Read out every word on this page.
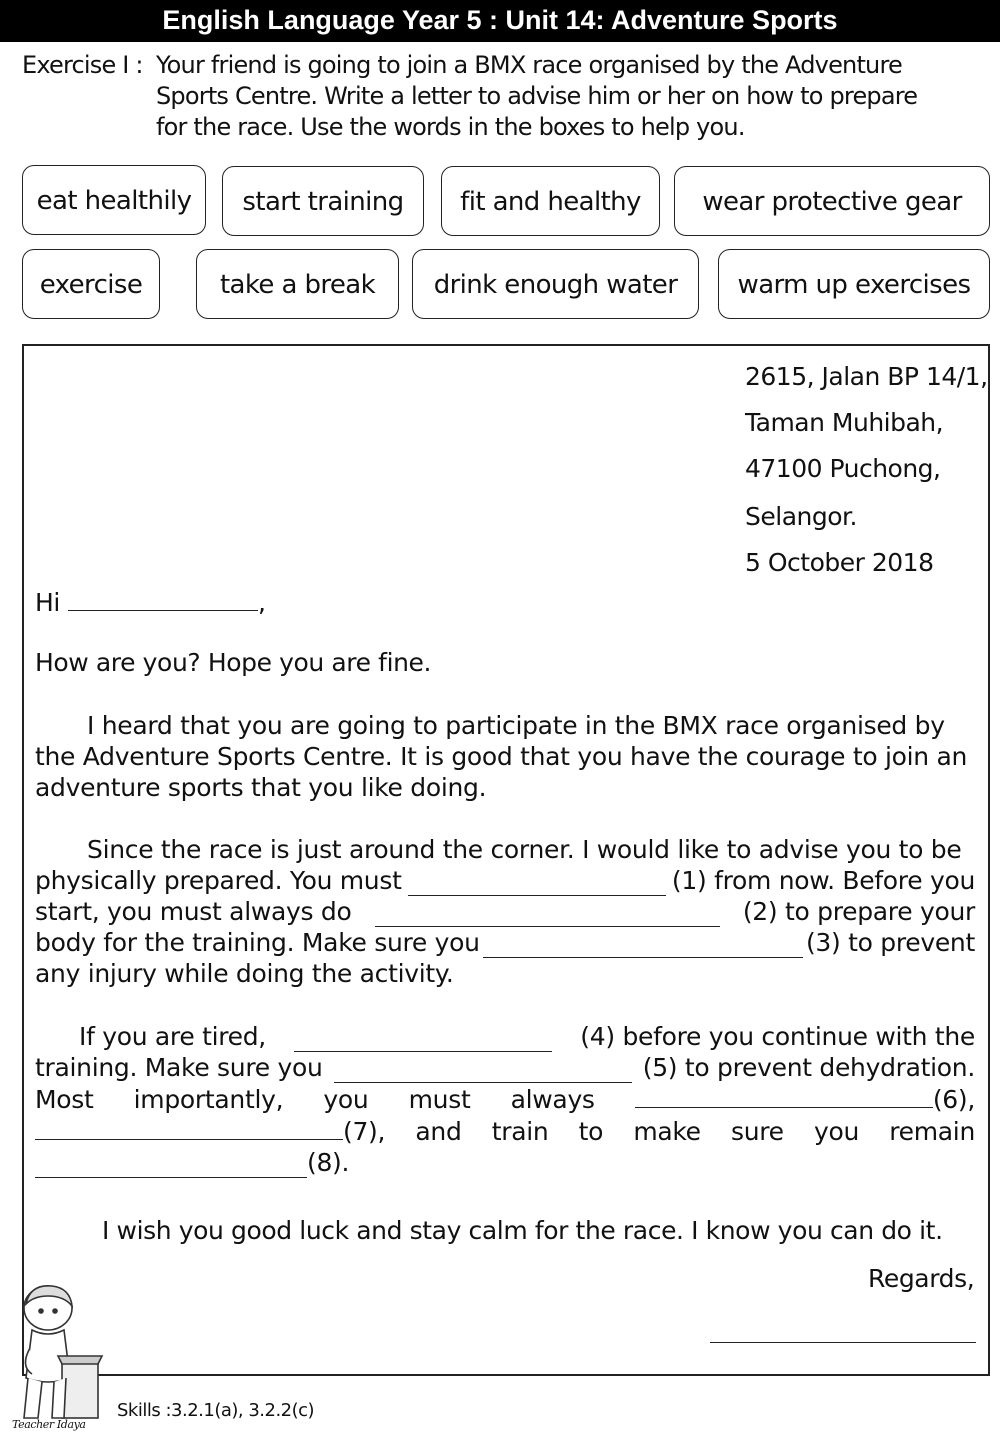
English Language Year 5 : Unit 14: Adventure Sports
Exercise I : Your friend is going to join a BMX race organised by the Adventure
Sports Centre. Write a letter to advise him or her on how to prepare
for the race. Use the words in the boxes to help you.
eat healthily	start training	fit and healthy	wear protective gear
exercise	take a break	drink enough water	warm up exercises
2615, Jalan BP 14/1,
Taman Muhibah,
47100 Puchong,
Selangor.
5 October 2018
Hi	,
How are you? Hope you are fine.
I heard that you are going to participate in the BMX race organised by
the Adventure Sports Centre. It is good that you have the courage to join an
adventure sports that you like doing.
Since the race is just around the corner. I would like to advise you to be
physically prepared. You must	(1) from now. Before you
start, you must always do	(2) to prepare your
body for the training. Make sure you	(3) to prevent
any injury while doing the activity.
If you are tired,	(4) before you continue with the
training. Make sure you	(5) to prevent dehydration.
Most importantly, you must always	(6),
(7), and train to make sure you remain
(8).
I wish you good luck and stay calm for the race. I know you can do it.
Regards,
Teacher Idaya
Skills :3.2.1(a), 3.2.2(c)
